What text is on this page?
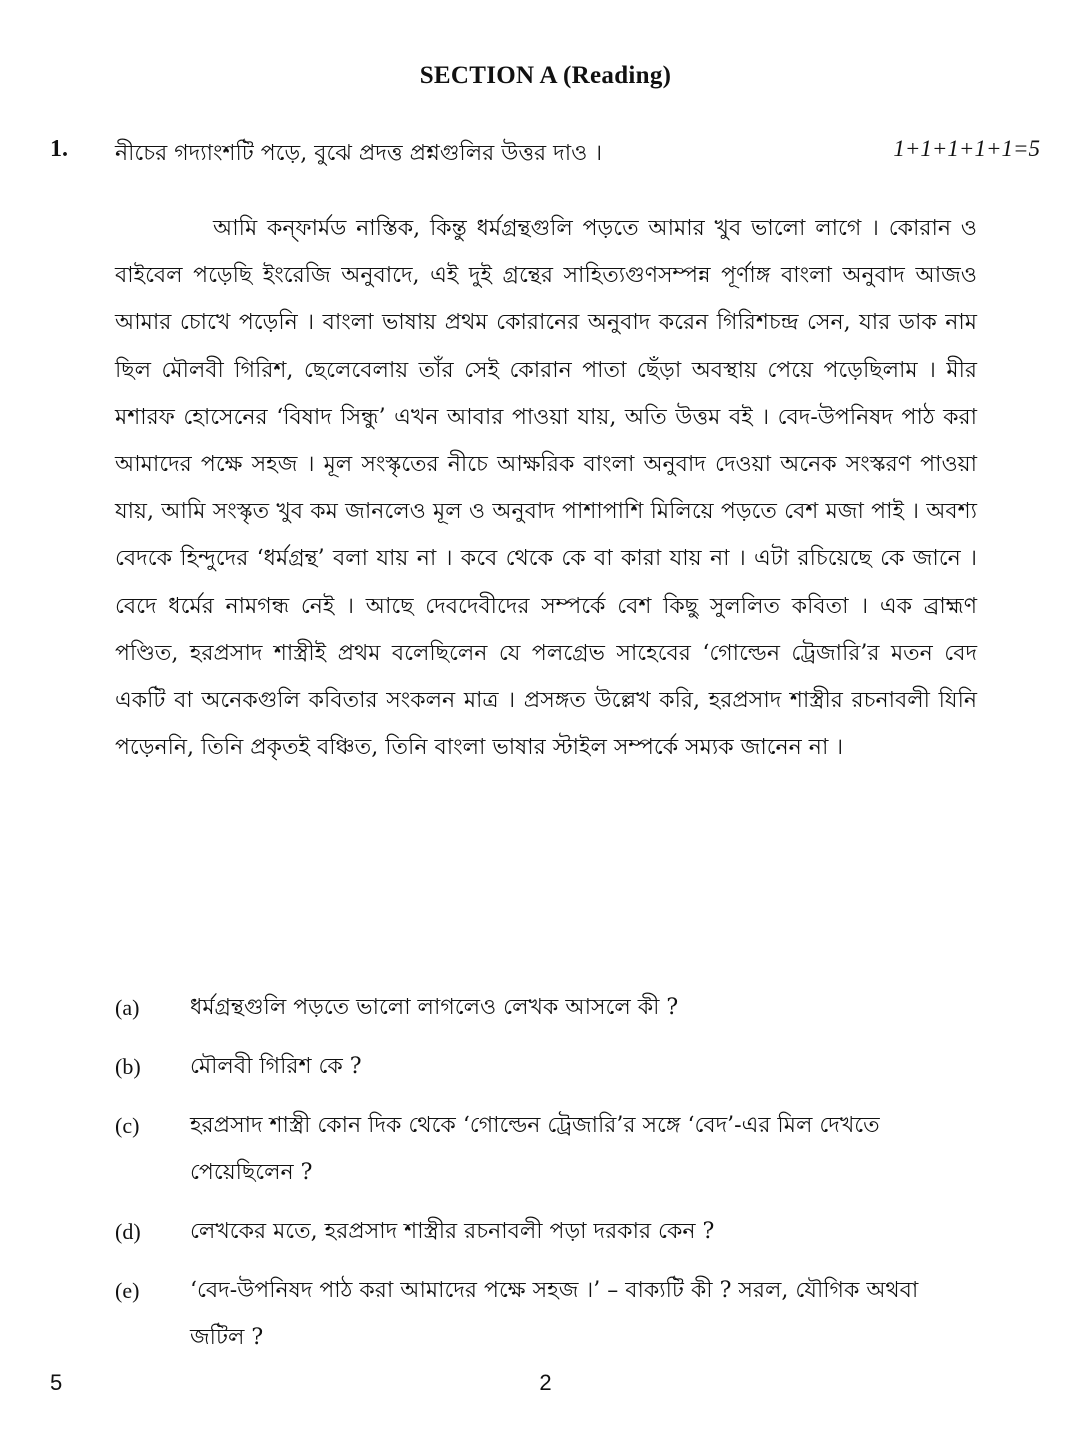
SECTION A (Reading)
1. নীচের গদ্যাংশটি পড়ে, বুঝে প্রদত্ত প্রশ্নগুলির উত্তর দাও ।	1+1+1+1+1=5

আমি কন্‌ফার্মড নাস্তিক, কিন্তু ধর্মগ্রন্থগুলি পড়তে আমার খুব ভালো লাগে । কোরান ও বাইবেল পড়েছি ইংরেজি অনুবাদে, এই দুই গ্রন্থের সাহিত্যগুণসম্পন্ন পূর্ণাঙ্গ বাংলা অনুবাদ আজও আমার চোখে পড়েনি । বাংলা ভাষায় প্রথম কোরানের অনুবাদ করেন গিরিশচন্দ্র সেন, যার ডাক নাম ছিল মৌলবী গিরিশ, ছেলেবেলায় তাঁর সেই কোরান পাতা ছেঁড়া অবস্থায় পেয়ে পড়েছিলাম । মীর মশারফ হোসেনের ‘বিষাদ সিন্ধু’ এখন আবার পাওয়া যায়, অতি উত্তম বই । বেদ-উপনিষদ পাঠ করা আমাদের পক্ষে সহজ । মূল সংস্কৃতের নীচে আক্ষরিক বাংলা অনুবাদ দেওয়া অনেক সংস্করণ পাওয়া যায়, আমি সংস্কৃত খুব কম জানলেও মূল ও অনুবাদ পাশাপাশি মিলিয়ে পড়তে বেশ মজা পাই । অবশ্য বেদকে হিন্দুদের ‘ধর্মগ্রন্থ’ বলা যায় না । কবে থেকে কে বা কারা যায় না । এটা রচিয়েছে কে জানে । বেদে ধর্মের নামগন্ধ নেই । আছে দেবদেবীদের সম্পর্কে বেশ কিছু সুললিত কবিতা । এক ব্রাহ্মণ পণ্ডিত, হরপ্রসাদ শাস্ত্রীই প্রথম বলেছিলেন যে পলগ্রেভ সাহেবের ‘গোল্ডেন ট্রেজারি’র মতন বেদ একটি বা অনেকগুলি কবিতার সংকলন মাত্র । প্রসঙ্গত উল্লেখ করি, হরপ্রসাদ শাস্ত্রীর রচনাবলী যিনি পড়েননি, তিনি প্রকৃতই বঞ্চিত, তিনি বাংলা ভাষার স্টাইল সম্পর্কে সম্যক জানেন না ।

(a) ধর্মগ্রন্থগুলি পড়তে ভালো লাগলেও লেখক আসলে কী ?
(b) মৌলবী গিরিশ কে ?
(c) হরপ্রসাদ শাস্ত্রী কোন দিক থেকে ‘গোল্ডেন ট্রেজারি’র সঙ্গে ‘বেদ’-এর মিল দেখতে পেয়েছিলেন ?
(d) লেখকের মতে, হরপ্রসাদ শাস্ত্রীর রচনাবলী পড়া দরকার কেন ?
(e) ‘বেদ-উপনিষদ পাঠ করা আমাদের পক্ষে সহজ ।’ – বাক্যটি কী ? সরল, যৌগিক অথবা জটিল ?
5	2
